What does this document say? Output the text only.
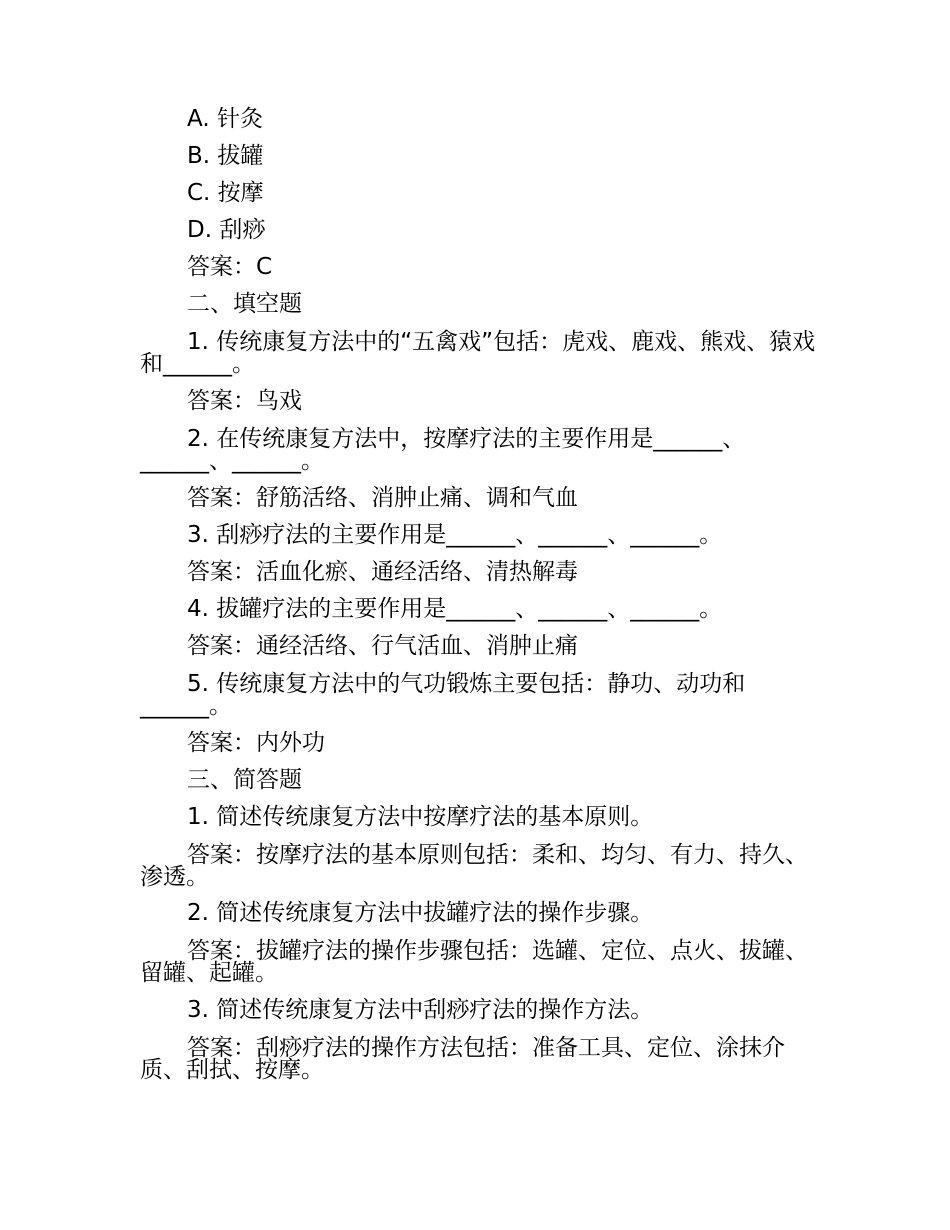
A. 针灸

B. 拔罐

C. 按摩

D. 刮痧

答案：C

二、填空题

1. 传统康复方法中的“五禽戏”包括：虎戏、鹿戏、熊戏、猿戏和______。

答案：鸟戏

2. 在传统康复方法中，按摩疗法的主要作用是______、______、______。

答案：舒筋活络、消肿止痛、调和气血

3. 刮痧疗法的主要作用是______、______、______。

答案：活血化瘀、通经活络、清热解毒

4. 拔罐疗法的主要作用是______、______、______。

答案：通经活络、行气活血、消肿止痛

5. 传统康复方法中的气功锻炼主要包括：静功、动功和______。

答案：内外功

三、简答题

1. 简述传统康复方法中按摩疗法的基本原则。

答案：按摩疗法的基本原则包括：柔和、均匀、有力、持久、渗透。

2. 简述传统康复方法中拔罐疗法的操作步骤。

答案：拔罐疗法的操作步骤包括：选罐、定位、点火、拔罐、留罐、起罐。

3. 简述传统康复方法中刮痧疗法的操作方法。

答案：刮痧疗法的操作方法包括：准备工具、定位、涂抹介质、刮拭、按摩。
